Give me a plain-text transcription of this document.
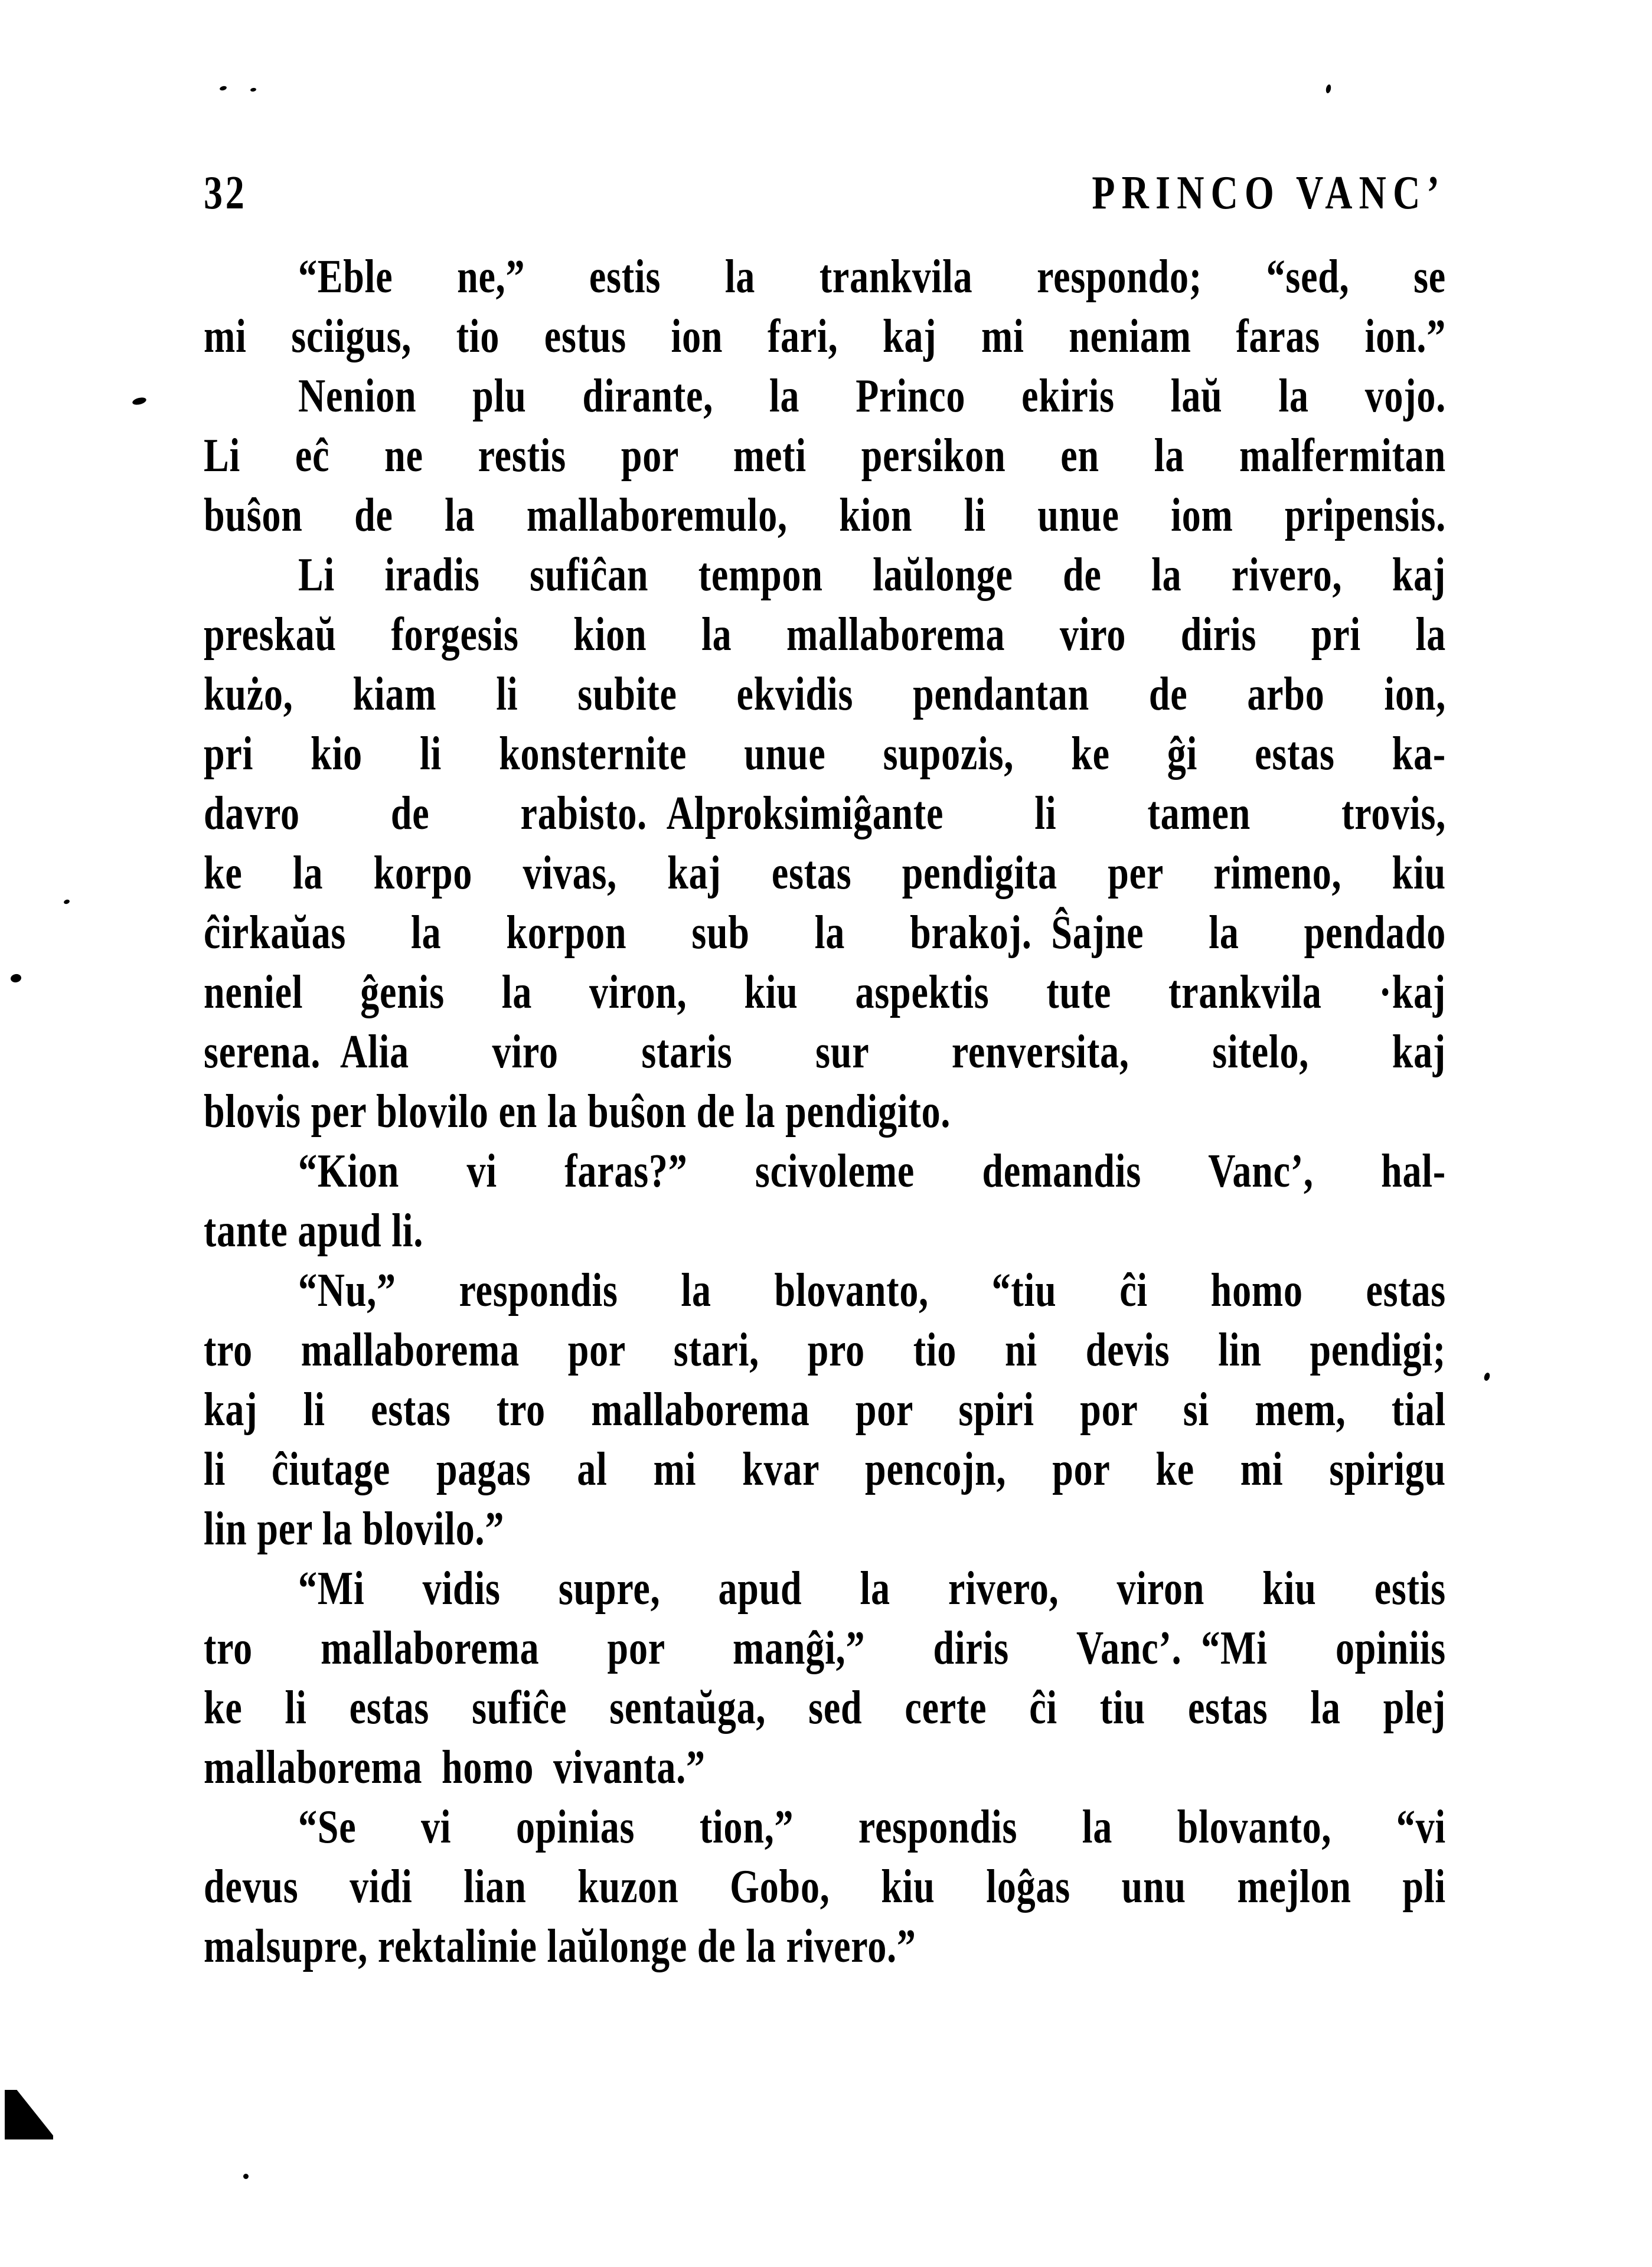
32	PRINCO VANC’

“Eble ne,” estis la trankvila respondo; “sed, se
mi sciigus, tio estus ion fari, kaj mi neniam faras ion.”

Nenion plu dirante, la Princo ekiris laŭ la vojo.
Li eĉ ne restis por meti persikon en la malfermitan
buŝon de la mallaboremulo, kion li unue iom pripensis.

Li iradis sufiĉan tempon laŭlonge de la rivero, kaj
preskaŭ forgesis kion la mallaborema viro diris pri la
kużo, kiam li subite ekvidis pendantan de arbo ion,
pri kio li konsternite unue supozis, ke ĝi estas ka-
davro de rabisto. Alproksimiĝante li tamen trovis,
ke la korpo vivas, kaj estas pendigita per rimeno, kiu
ĉirkaŭas la korpon sub la brakoj. Ŝajne la pendado
neniel ĝenis la viron, kiu aspektis tute trankvila ·kaj
serena. Alia viro staris sur renversita, sitelo, kaj
blovis per blovilo en la buŝon de la pendigito.

“Kion vi faras?” scivoleme demandis Vanc’, hal-
tante apud li.

“Nu,” respondis la blovanto, “tiu ĉi homo estas
tro mallaborema por stari, pro tio ni devis lin pendigi;
kaj li estas tro mallaborema por spiri por si mem, tial
li ĉiutage pagas al mi kvar pencojn, por ke mi spirigu
lin per la blovilo.”

“Mi vidis supre, apud la rivero, viron kiu estis
tro mallaborema por manĝi,” diris Vanc’. “Mi opiniis
ke li estas sufiĉe sentaŭga, sed certe ĉi tiu estas la plej
mallaborema homo vivanta.”

“Se vi opinias tion,” respondis la blovanto, “vi
devus vidi lian kuzon Gobo, kiu loĝas unu mejlon pli
malsupre, rektalinie laŭlonge de la rivero.”
